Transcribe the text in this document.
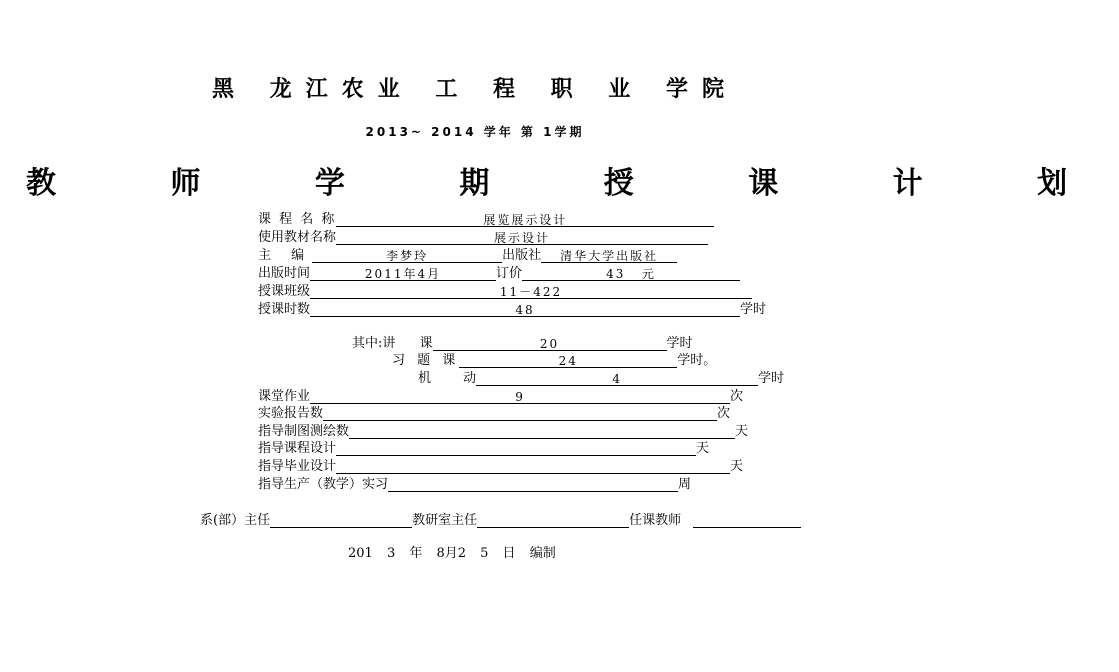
黑 龙江农业 工 程 职 业 学院
2013~ 2014 学年 第 1学期
教 师 学 期 授 课 计 划
课 程 名 称	展览展示设计
使用教材名称	展示设计
主 编	李梦玲	出版社 清华大学出版社
出版时间	2011年4月	订价	43 元
授课班级	11－422
授课时数	48	学时
其中:讲 课	20	学时
习 题 课	24	学时。
机 动	4	学时
课堂作业	9	次
实验报告数	次
指导制图测绘数	天
指导课程设计	天
指导毕业设计	天
指导生产（教学）实习	周
系(部）主任	教研室主任	任课教师
201 3 年 8月2 5 日 编制
